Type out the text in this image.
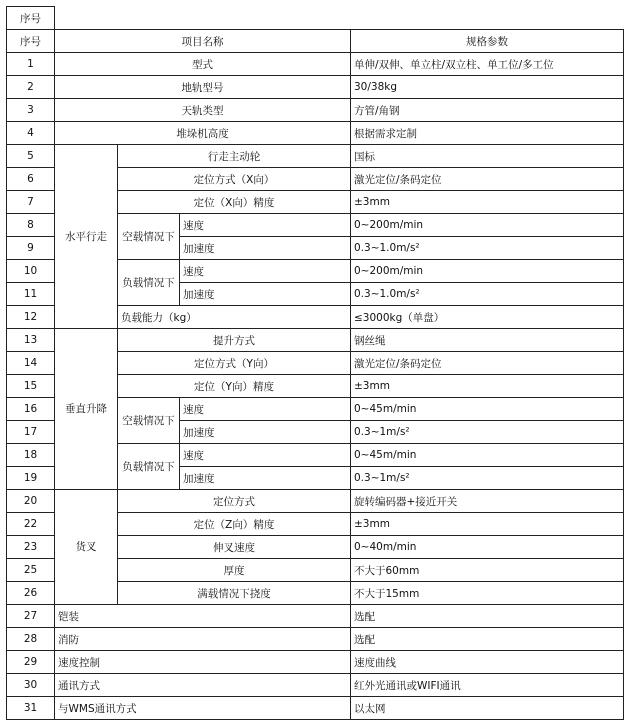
序号			
序号	项目名称			规格参数
1	型式			单伸/双伸、单立柱/双立柱、单工位/多工位
2	地轨型号			30/38kg
3	天轨类型			方管/角钢
4	堆垛机高度			根据需求定制
5	水平行走	行走主动轮		国标
6		定位方式（X向）		激光定位/条码定位
7		定位（X向）精度		±3mm
8		空载情况下	速度	0~200m/min
9			加速度	0.3~1.0m/s²
10		负载情况下	速度	0~200m/min
11			加速度	0.3~1.0m/s²
12		负载能力（kg）		≤3000kg（单盘）
13	垂直升降	提升方式		钢丝绳
14		定位方式（Y向）		激光定位/条码定位
15		定位（Y向）精度		±3mm
16		空载情况下	速度	0~45m/min
17			加速度	0.3~1m/s²
18		负载情况下	速度	0~45m/min
19			加速度	0.3~1m/s²
20	货叉	定位方式		旋转编码器+接近开关
22		定位（Z向）精度		±3mm
23		伸叉速度		0~40m/min
25		厚度		不大于60mm
26		满载情况下挠度		不大于15mm
27	铠装			选配
28	消防			选配
29	速度控制			速度曲线
30	通讯方式			红外光通讯或WIFI通讯
31	与WMS通讯方式			以太网
